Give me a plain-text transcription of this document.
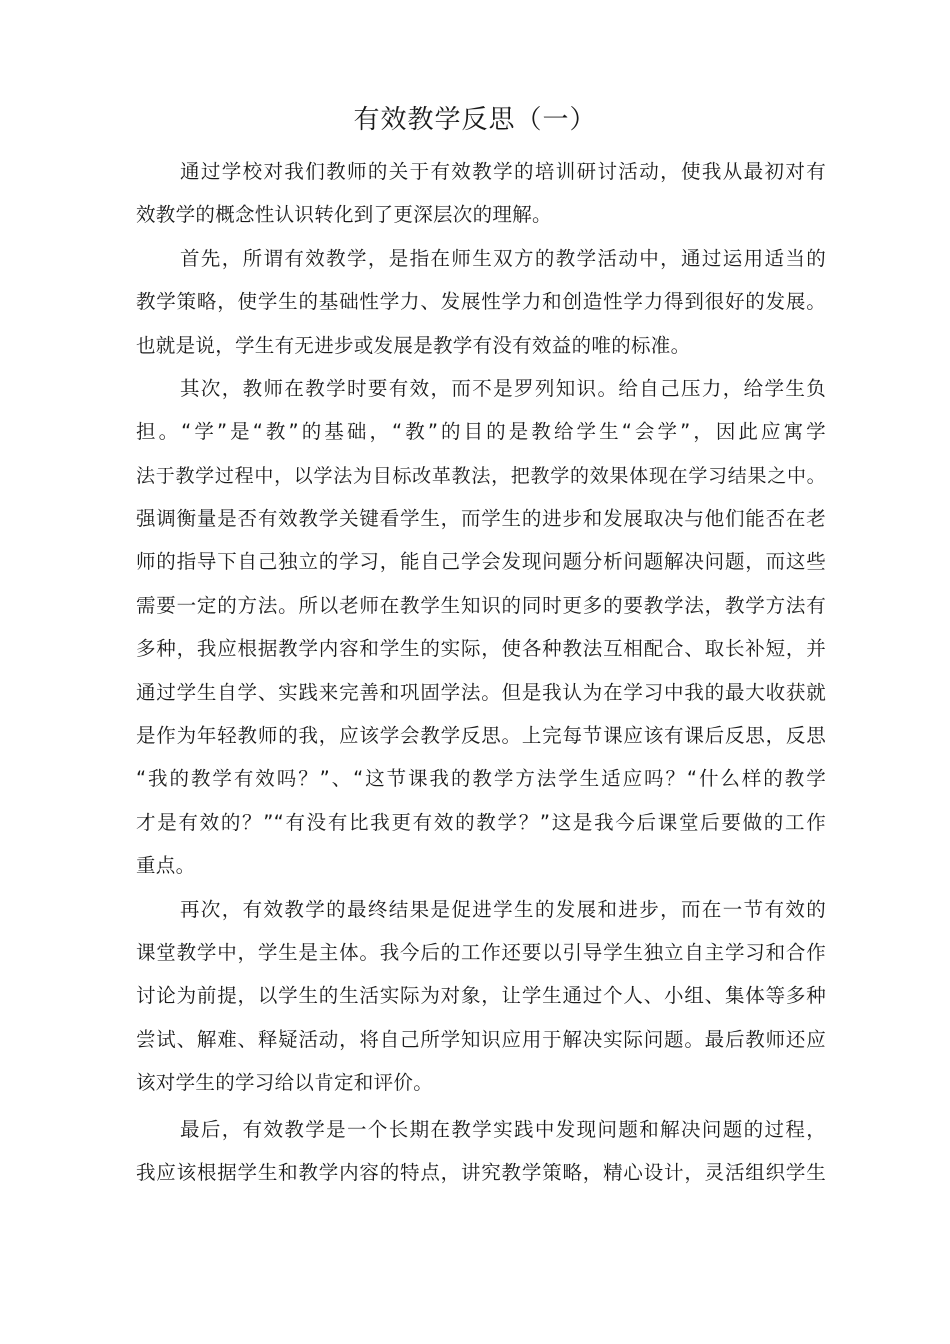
有效教学反思（一）
通过学校对我们教师的关于有效教学的培训研讨活动，使我从最初对有
效教学的概念性认识转化到了更深层次的理解。
首先，所谓有效教学，是指在师生双方的教学活动中，通过运用适当的
教学策略，使学生的基础性学力、发展性学力和创造性学力得到很好的发展。
也就是说，学生有无进步或发展是教学有没有效益的唯的标准。
其次，教师在教学时要有效，而不是罗列知识。给自己压力，给学生负
担。“学”是“教”的基础，“教”的目的是教给学生“会学”，因此应寓学
法于教学过程中，以学法为目标改革教法，把教学的效果体现在学习结果之中。
强调衡量是否有效教学关键看学生，而学生的进步和发展取决与他们能否在老
师的指导下自己独立的学习，能自己学会发现问题分析问题解决问题，而这些
需要一定的方法。所以老师在教学生知识的同时更多的要教学法，教学方法有
多种，我应根据教学内容和学生的实际，使各种教法互相配合、取长补短，并
通过学生自学、实践来完善和巩固学法。但是我认为在学习中我的最大收获就
是作为年轻教师的我，应该学会教学反思。上完每节课应该有课后反思，反思
“我的教学有效吗？”、“这节课我的教学方法学生适应吗？“什么样的教学
才是有效的？”“有没有比我更有效的教学？”这是我今后课堂后要做的工作
重点。
再次，有效教学的最终结果是促进学生的发展和进步，而在一节有效的
课堂教学中，学生是主体。我今后的工作还要以引导学生独立自主学习和合作
讨论为前提，以学生的生活实际为对象，让学生通过个人、小组、集体等多种
尝试、解难、释疑活动，将自己所学知识应用于解决实际问题。最后教师还应
该对学生的学习给以肯定和评价。
最后，有效教学是一个长期在教学实践中发现问题和解决问题的过程，
我应该根据学生和教学内容的特点，讲究教学策略，精心设计，灵活组织学生
